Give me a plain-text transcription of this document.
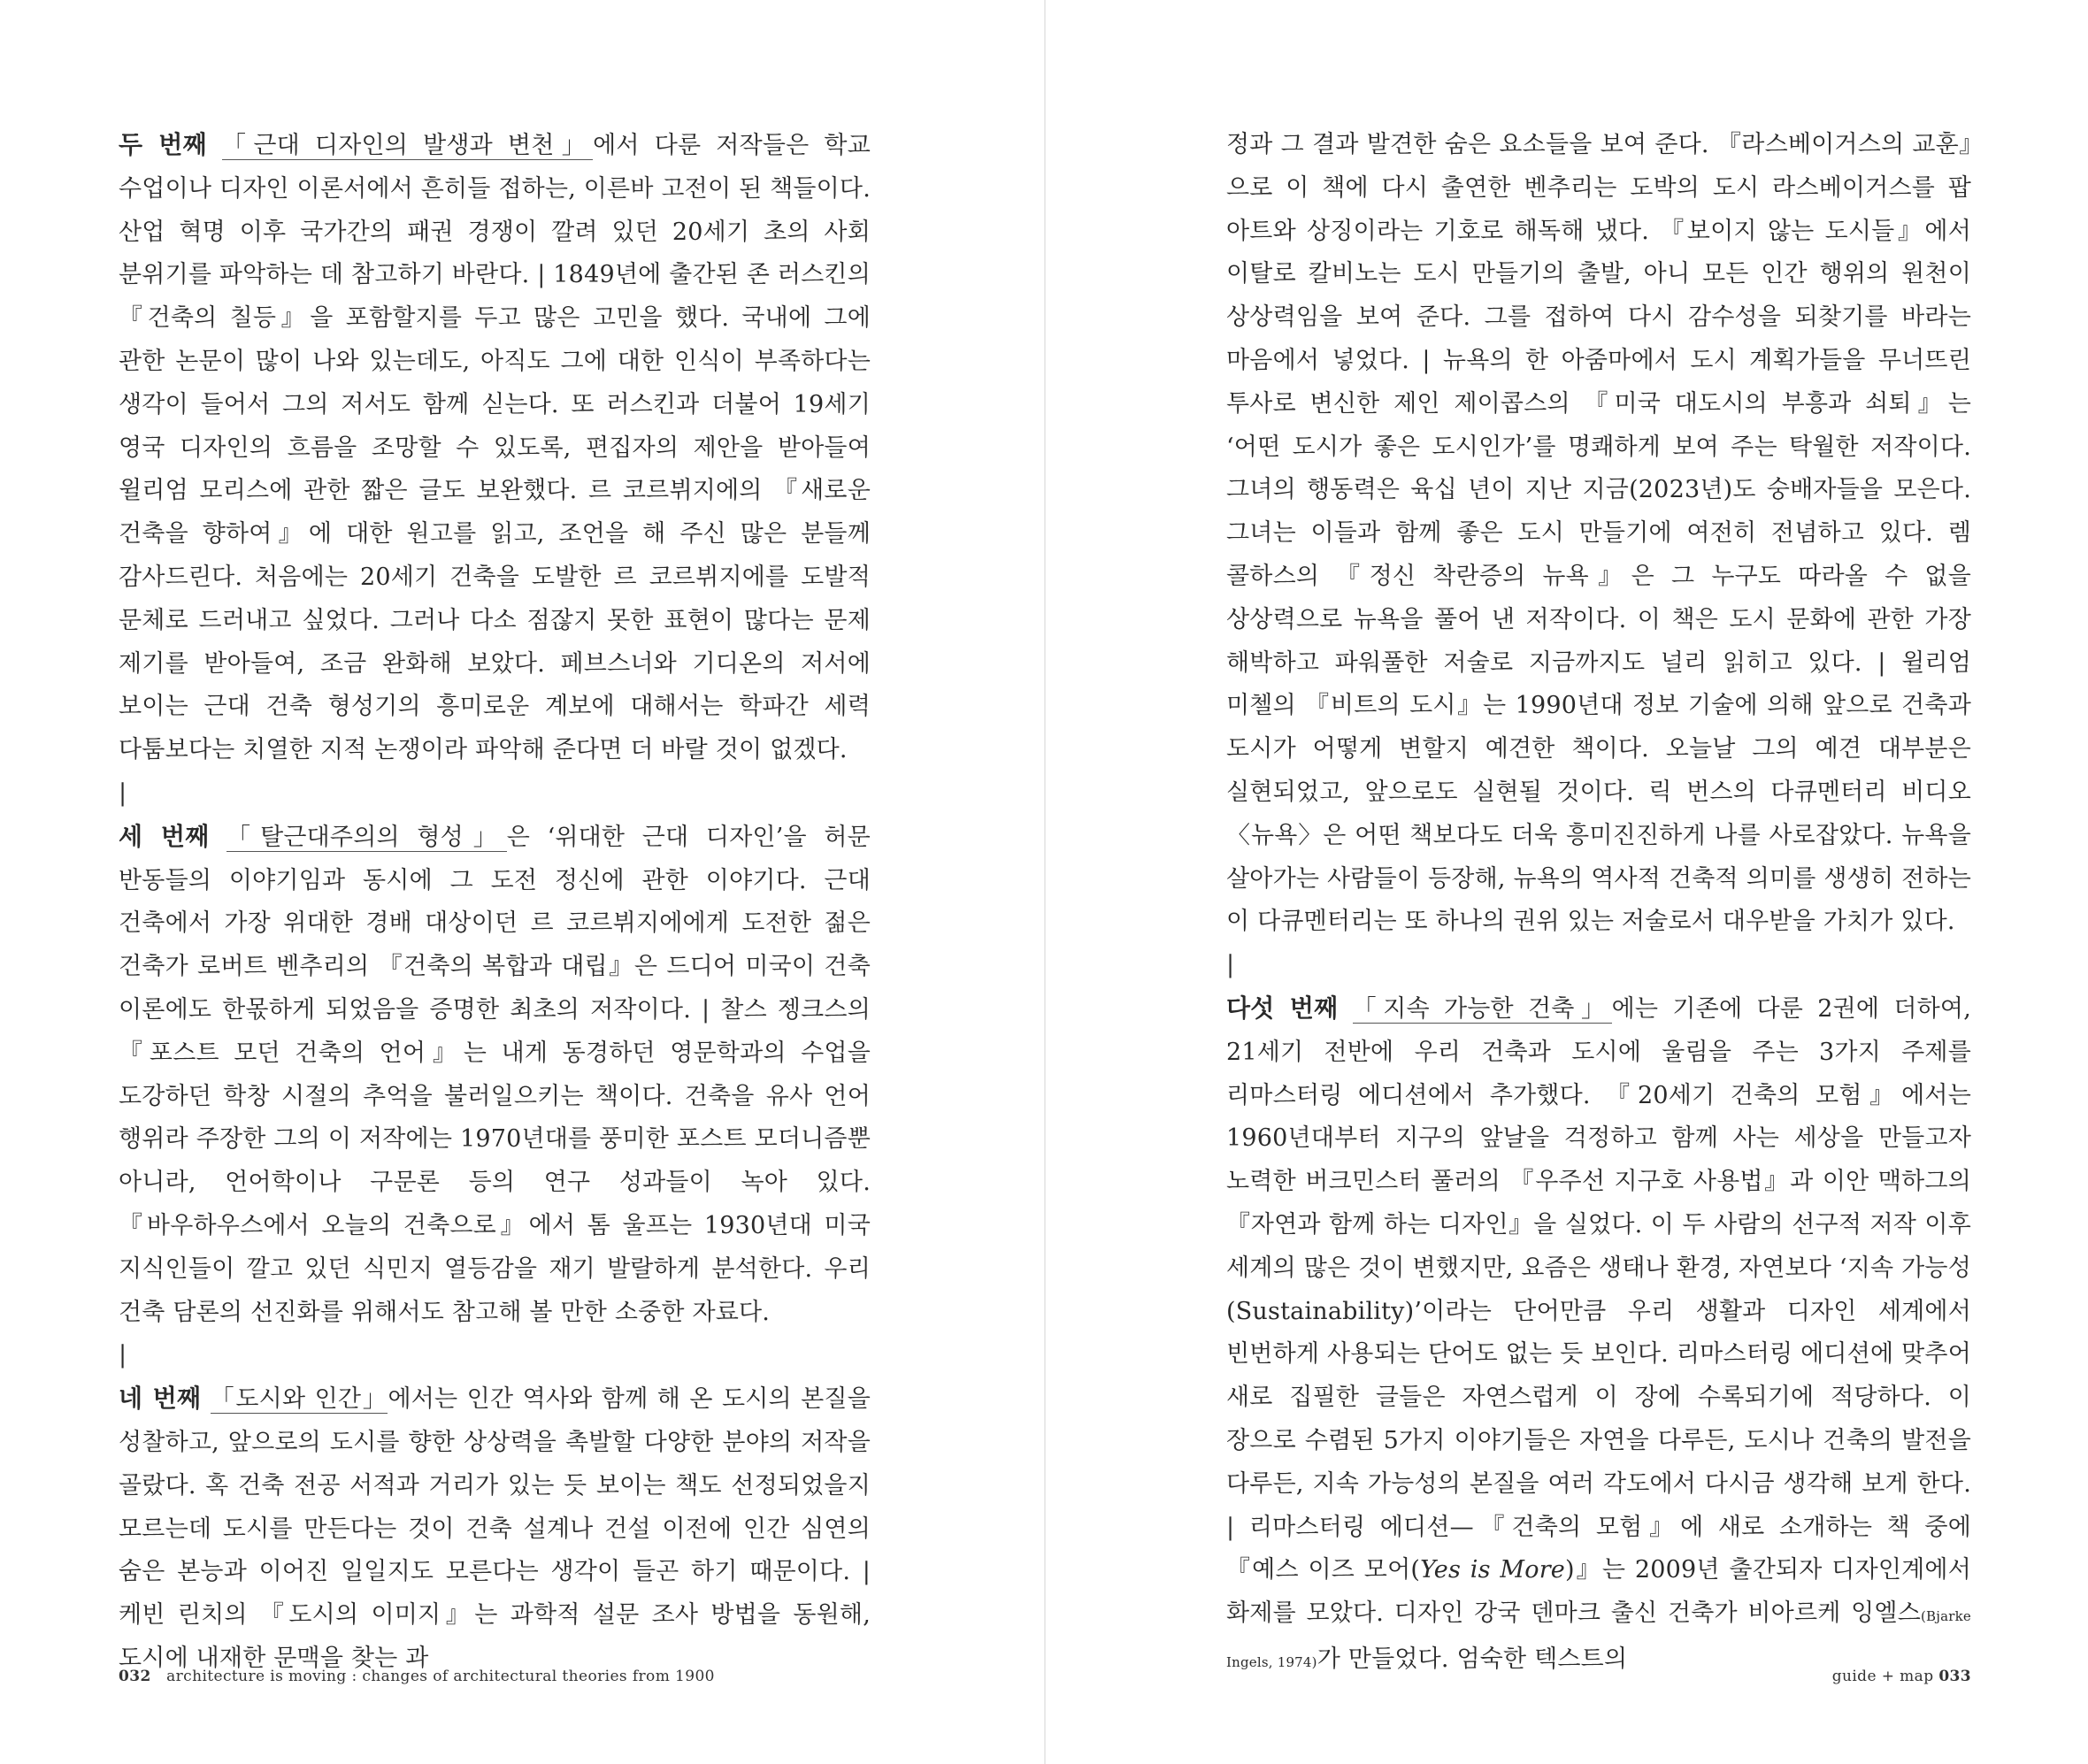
두 번째 「근대 디자인의 발생과 변천」에서 다룬 저작들은 학교 수업이나 디자인 이론서에서 흔히들 접하는, 이른바 고전이 된 책들이다. 산업 혁명 이후 국가간의 패권 경쟁이 깔려 있던 20세기 초의 사회 분위기를 파악하는 데 참고하기 바란다. | 1849년에 출간된 존 러스킨의 『건축의 칠등』을 포함할지를 두고 많은 고민을 했다. 국내에 그에 관한 논문이 많이 나와 있는데도, 아직도 그에 대한 인식이 부족하다는 생각이 들어서 그의 저서도 함께 싣는다. 또 러스킨과 더불어 19세기 영국 디자인의 흐름을 조망할 수 있도록, 편집자의 제안을 받아들여 윌리엄 모리스에 관한 짧은 글도 보완했다. 르 코르뷔지에의 『새로운 건축을 향하여』에 대한 원고를 읽고, 조언을 해 주신 많은 분들께 감사드린다. 처음에는 20세기 건축을 도발한 르 코르뷔지에를 도발적 문체로 드러내고 싶었다. 그러나 다소 점잖지 못한 표현이 많다는 문제 제기를 받아들여, 조금 완화해 보았다. 페브스너와 기디온의 저서에 보이는 근대 건축 형성기의 흥미로운 계보에 대해서는 학파간 세력 다툼보다는 치열한 지적 논쟁이라 파악해 준다면 더 바랄 것이 없겠다.

|

세 번째 「탈근대주의의 형성」은 ‘위대한 근대 디자인’을 허문 반동들의 이야기임과 동시에 그 도전 정신에 관한 이야기다. 근대 건축에서 가장 위대한 경배 대상이던 르 코르뷔지에에게 도전한 젊은 건축가 로버트 벤추리의 『건축의 복합과 대립』은 드디어 미국이 건축 이론에도 한몫하게 되었음을 증명한 최초의 저작이다. | 찰스 젱크스의 『포스트 모던 건축의 언어』는 내게 동경하던 영문학과의 수업을 도강하던 학창 시절의 추억을 불러일으키는 책이다. 건축을 유사 언어 행위라 주장한 그의 이 저작에는 1970년대를 풍미한 포스트 모더니즘뿐 아니라, 언어학이나 구문론 등의 연구 성과들이 녹아 있다. 『바우하우스에서 오늘의 건축으로』에서 톰 울프는 1930년대 미국 지식인들이 깔고 있던 식민지 열등감을 재기 발랄하게 분석한다. 우리 건축 담론의 선진화를 위해서도 참고해 볼 만한 소중한 자료다.

|

네 번째 「도시와 인간」에서는 인간 역사와 함께 해 온 도시의 본질을 성찰하고, 앞으로의 도시를 향한 상상력을 촉발할 다양한 분야의 저작을 골랐다. 혹 건축 전공 서적과 거리가 있는 듯 보이는 책도 선정되었을지 모르는데 도시를 만든다는 것이 건축 설계나 건설 이전에 인간 심연의 숨은 본능과 이어진 일일지도 모른다는 생각이 들곤 하기 때문이다. | 케빈 린치의 『도시의 이미지』는 과학적 설문 조사 방법을 동원해, 도시에 내재한 문맥을 찾는 과

032 architecture is moving : changes of architectural theories from 1900

정과 그 결과 발견한 숨은 요소들을 보여 준다. 『라스베이거스의 교훈』으로 이 책에 다시 출연한 벤추리는 도박의 도시 라스베이거스를 팝 아트와 상징이라는 기호로 해독해 냈다. 『보이지 않는 도시들』에서 이탈로 칼비노는 도시 만들기의 출발, 아니 모든 인간 행위의 원천이 상상력임을 보여 준다. 그를 접하여 다시 감수성을 되찾기를 바라는 마음에서 넣었다. | 뉴욕의 한 아줌마에서 도시 계획가들을 무너뜨린 투사로 변신한 제인 제이콥스의 『미국 대도시의 부흥과 쇠퇴』는 ‘어떤 도시가 좋은 도시인가’를 명쾌하게 보여 주는 탁월한 저작이다. 그녀의 행동력은 육십 년이 지난 지금(2023년)도 숭배자들을 모은다. 그녀는 이들과 함께 좋은 도시 만들기에 여전히 전념하고 있다. 렘 콜하스의 『정신 착란증의 뉴욕』은 그 누구도 따라올 수 없을 상상력으로 뉴욕을 풀어 낸 저작이다. 이 책은 도시 문화에 관한 가장 해박하고 파워풀한 저술로 지금까지도 널리 읽히고 있다. | 윌리엄 미첼의 『비트의 도시』는 1990년대 정보 기술에 의해 앞으로 건축과 도시가 어떻게 변할지 예견한 책이다. 오늘날 그의 예견 대부분은 실현되었고, 앞으로도 실현될 것이다. 릭 번스의 다큐멘터리 비디오 〈뉴욕〉은 어떤 책보다도 더욱 흥미진진하게 나를 사로잡았다. 뉴욕을 살아가는 사람들이 등장해, 뉴욕의 역사적 건축적 의미를 생생히 전하는 이 다큐멘터리는 또 하나의 권위 있는 저술로서 대우받을 가치가 있다.

|

다섯 번째 「지속 가능한 건축」에는 기존에 다룬 2권에 더하여, 21세기 전반에 우리 건축과 도시에 울림을 주는 3가지 주제를 리마스터링 에디션에서 추가했다. 『20세기 건축의 모험』에서는 1960년대부터 지구의 앞날을 걱정하고 함께 사는 세상을 만들고자 노력한 버크민스터 풀러의 『우주선 지구호 사용법』과 이안 맥하그의 『자연과 함께 하는 디자인』을 실었다. 이 두 사람의 선구적 저작 이후 세계의 많은 것이 변했지만, 요즘은 생태나 환경, 자연보다 ‘지속 가능성(Sustainability)’이라는 단어만큼 우리 생활과 디자인 세계에서 빈번하게 사용되는 단어도 없는 듯 보인다. 리마스터링 에디션에 맞추어 새로 집필한 글들은 자연스럽게 이 장에 수록되기에 적당하다. 이 장으로 수렴된 5가지 이야기들은 자연을 다루든, 도시나 건축의 발전을 다루든, 지속 가능성의 본질을 여러 각도에서 다시금 생각해 보게 한다. | 리마스터링 에디션—『건축의 모험』에 새로 소개하는 책 중에 『예스 이즈 모어(Yes is More)』는 2009년 출간되자 디자인계에서 화제를 모았다. 디자인 강국 덴마크 출신 건축가 비아르케 잉엘스(Bjarke Ingels, 1974)가 만들었다. 엄숙한 텍스트의

guide + map 033
